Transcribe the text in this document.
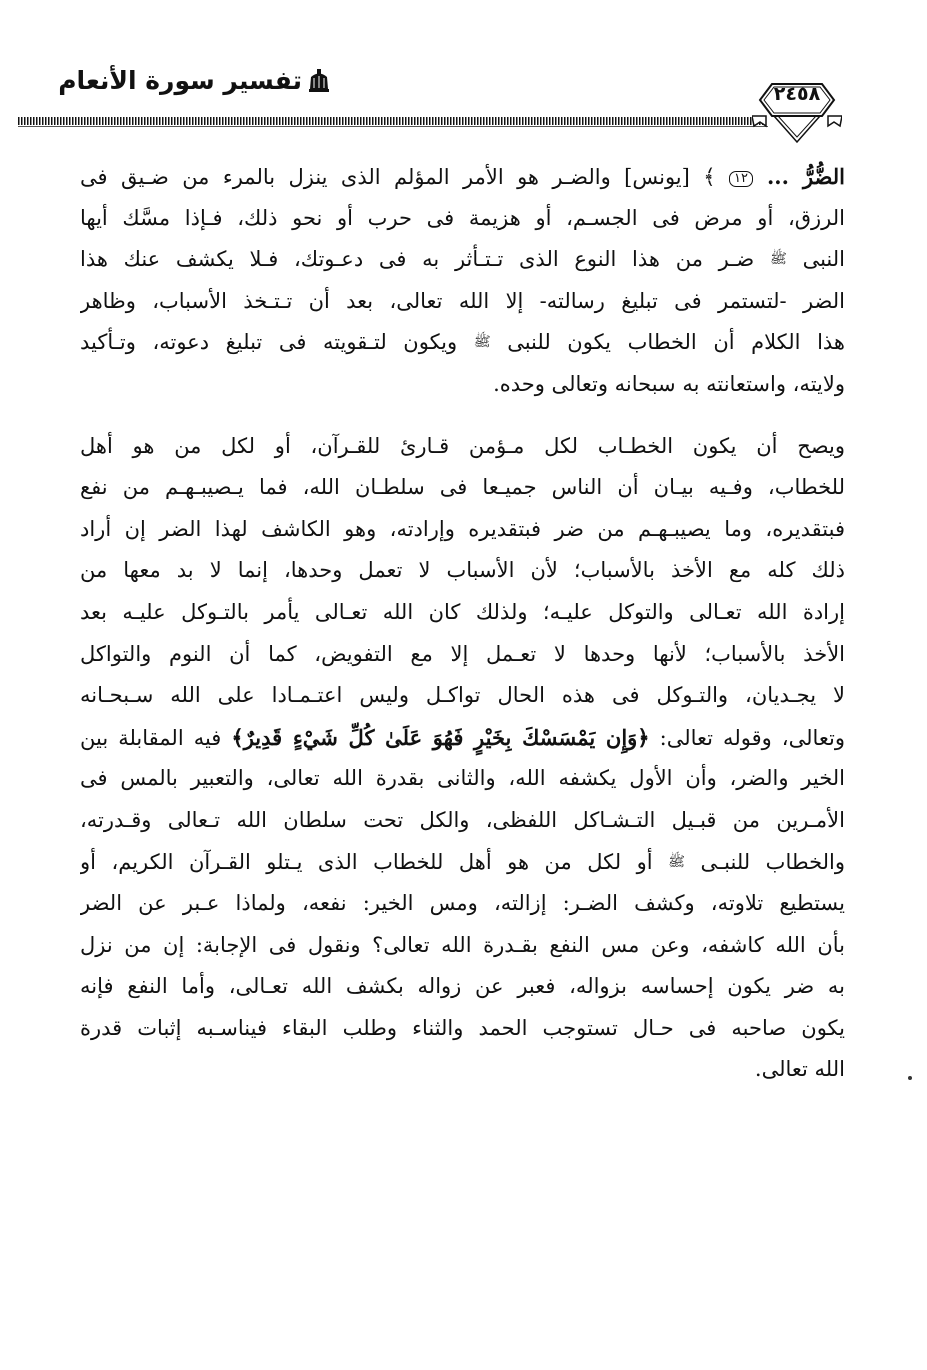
تفسير سورة الأنعام	٢٤٥٨
الضُّرُّ ... ١٢ ﴾ [يونس] والضـر هو الأمر المؤلم الذى ينزل بالمرء من ضـيق فى
الرزق، أو مرض فى الجسـم، أو هزيمة فى حرب أو نحو ذلك، فـإذا مسَّك أيها
النبى $^ﷺ$ ضـر من هذا النوع الذى تـتـأثر به فى دعـوتك، فـلا يكشف عنك هذا
الضر -لتستمر فى تبليغ رسالته- إلا الله تعالى، بعد أن تـتـخذ الأسباب، وظاهر
هذا الكلام أن الخطاب يكون للنبى $^ﷺ$ ويكون لتـقويته فى تبليغ دعوته، وتـأكيد
ولايته، واستعانته به سبحانه وتعالى وحده.
ويصح أن يكون الخطـاب لكل مـؤمن قـارئ للقـرآن، أو لكل من هو أهل
للخطاب، وفـيه بيـان أن الناس جميـعا فى سلطـان الله، فما يـصيبـهـم من نفع
فبتقديره، وما يصيبـهـم من ضر فبتقديره وإرادته، وهو الكاشف لهذا الضر إن أراد
ذلك كله مع الأخذ بالأسباب؛ لأن الأسباب لا تعمل وحدها، إنما لا بد معها من
إرادة الله تعـالى والتوكل عليـه؛ ولذلك كان الله تعـالى يأمر بالتـوكل عليـه بعد
الأخذ بالأسباب؛ لأنها وحدها لا تعـمل إلا مع التفويض، كما أن النوم والتواكل
لا يجـديان، والتـوكل فى هذه الحال تواكـل وليس اعتـمـادا على الله سـبحـانه
وتعالى، وقوله تعالى: ﴿وَإِن يَمْسَسْكَ بِخَيْرٍ فَهُوَ عَلَىٰ كُلِّ شَيْءٍ قَدِيرٌ﴾ فيه المقابلة بين
الخير والضر، وأن الأول يكشفه الله، والثانى بقدرة الله تعالى، والتعبير بالمس فى
الأمـرين من قبـيل التـشـاكل اللفظى، والكل تحت سلطان الله تـعالى وقـدرته،
والخطاب للنبـى $^ﷺ$ أو لكل من هو أهل للخطاب الذى يـتلو القـرآن الكريم، أو
يستطيع تلاوته، وكشف الضـر: إزالته، ومس الخير: نفعه، ولماذا عـبر عن الضر
بأن الله كاشفه، وعن مس النفع بقـدرة الله تعالى؟ ونقول فى الإجابة: إن من نزل
به ضر يكون إحساسه بزواله، فعبر عن زواله بكشف الله تعـالى، وأما النفع فإنه
يكون صاحبه فى حـال تستوجب الحمد والثناء وطلب البقاء فيناسـبه إثبات قدرة
الله تعالى.
